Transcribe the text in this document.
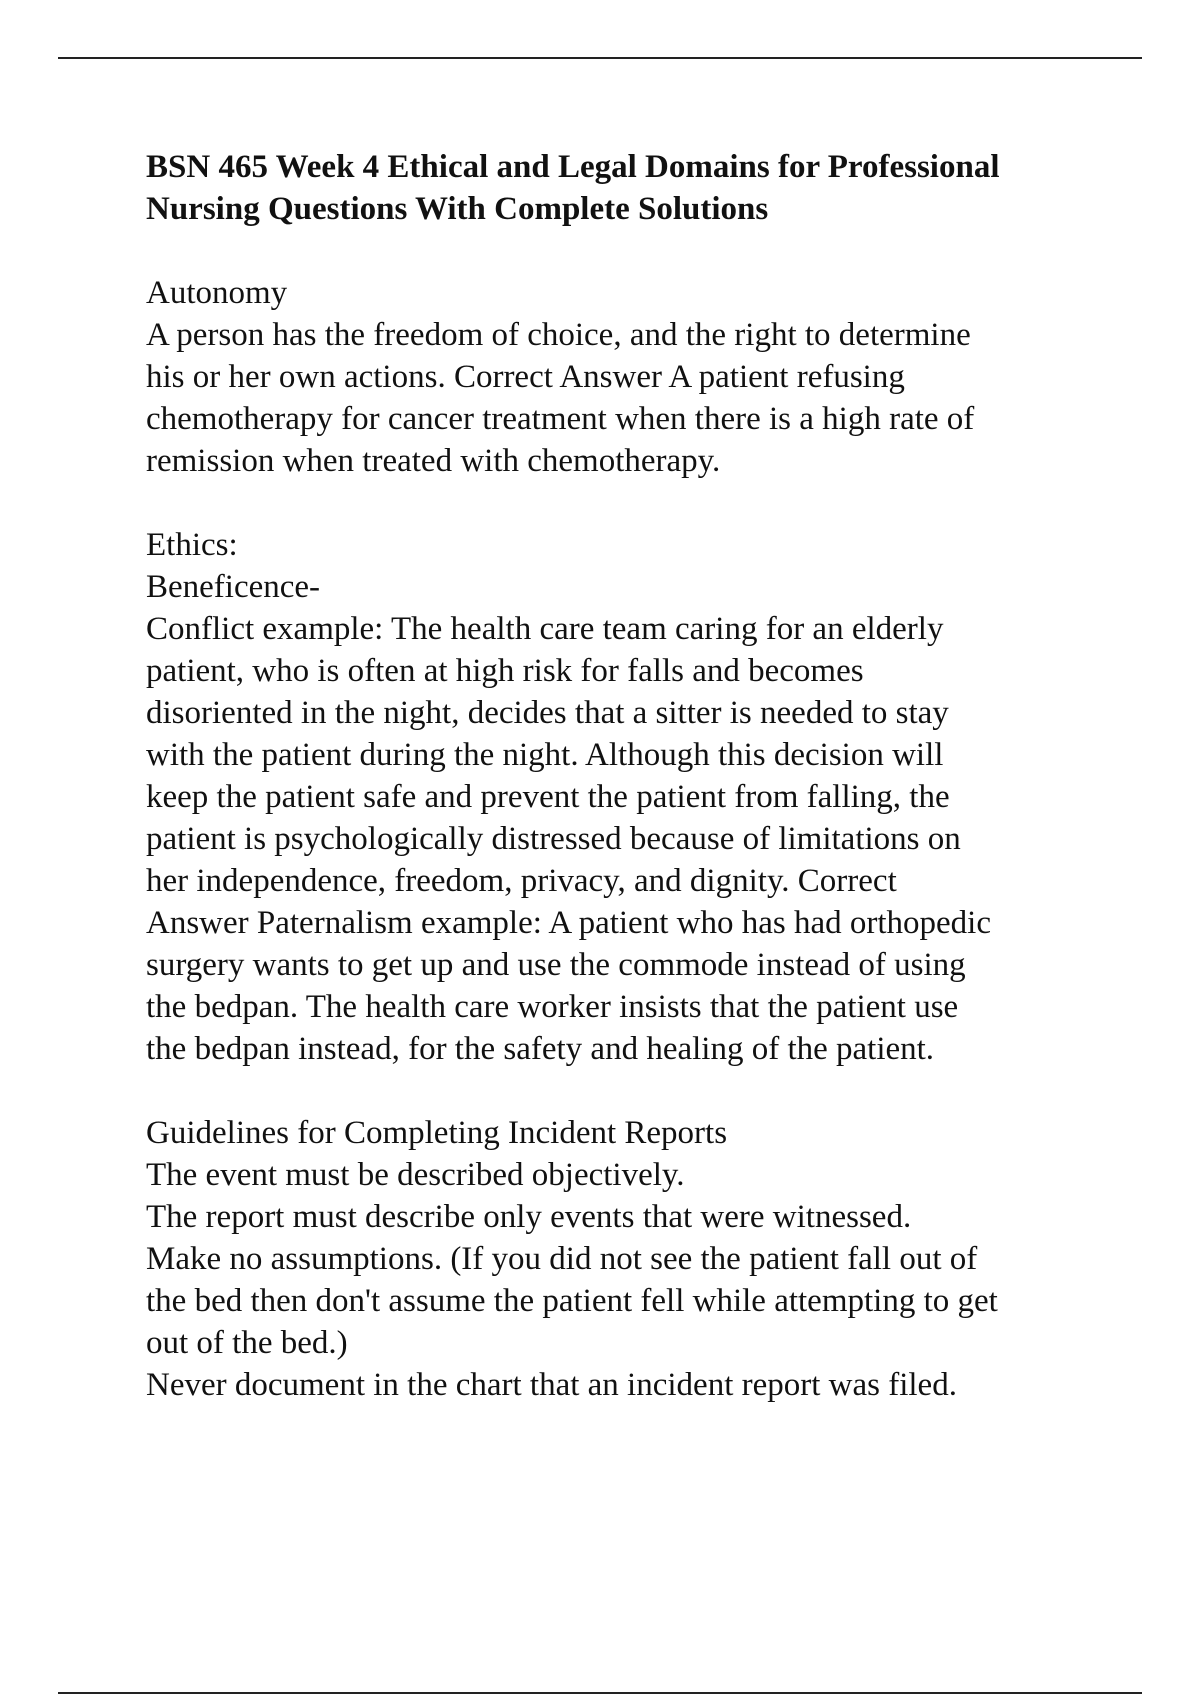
BSN 465 Week 4 Ethical and Legal Domains for Professional
Nursing Questions With Complete Solutions

Autonomy

A person has the freedom of choice, and the right to determine
his or her own actions. Correct Answer A patient refusing
chemotherapy for cancer treatment when there is a high rate of
remission when treated with chemotherapy.

Ethics:

Beneficence-

Conflict example: The health care team caring for an elderly
patient, who is often at high risk for falls and becomes
disoriented in the night, decides that a sitter is needed to stay
with the patient during the night. Although this decision will
keep the patient safe and prevent the patient from falling, the
patient is psychologically distressed because of limitations on
her independence, freedom, privacy, and dignity. Correct
Answer Paternalism example: A patient who has had orthopedic
surgery wants to get up and use the commode instead of using
the bedpan. The health care worker insists that the patient use
the bedpan instead, for the safety and healing of the patient.

Guidelines for Completing Incident Reports

The event must be described objectively.

The report must describe only events that were witnessed.

Make no assumptions. (If you did not see the patient fall out of
the bed then don't assume the patient fell while attempting to get
out of the bed.)

Never document in the chart that an incident report was filed.
